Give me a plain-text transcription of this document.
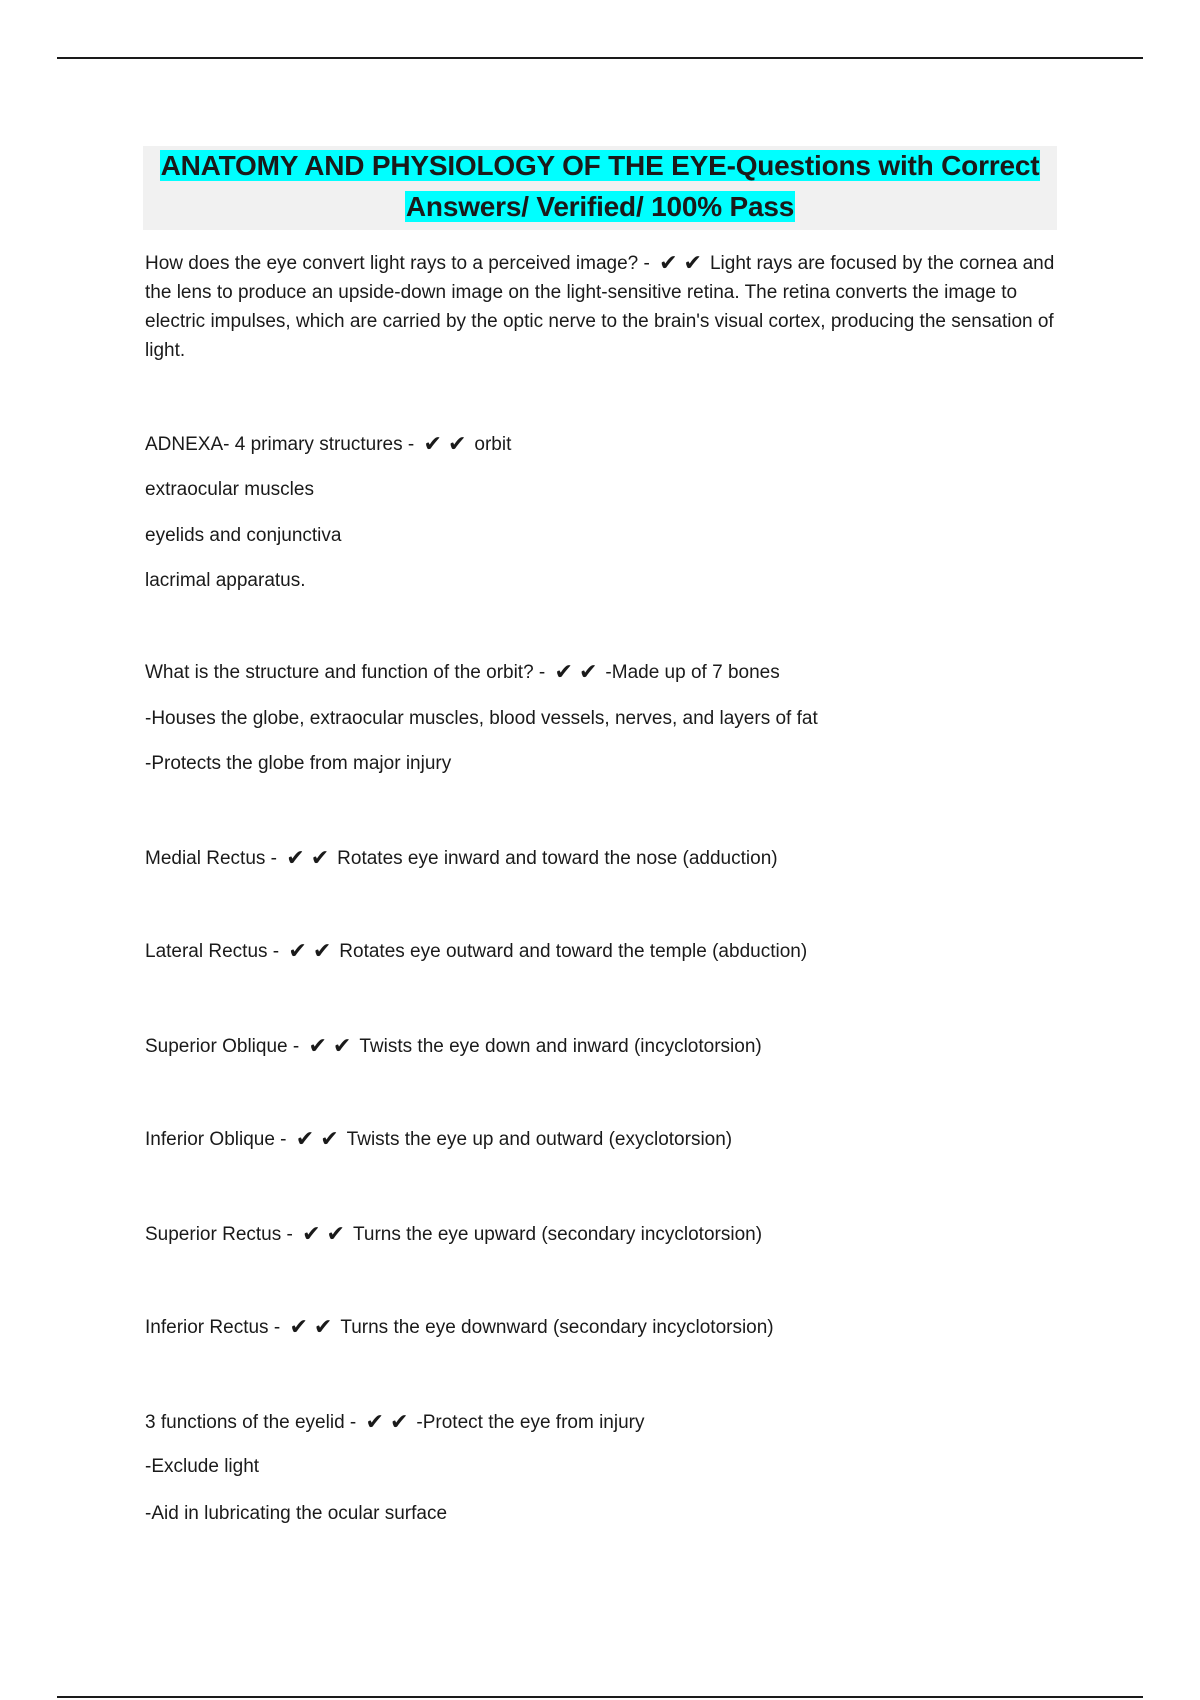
ANATOMY AND PHYSIOLOGY OF THE EYE-Questions with Correct
Answers/ Verified/ 100% Pass
How does the eye convert light rays to a perceived image? - ✔✔ Light rays are focused by the cornea and the lens to produce an upside-down image on the light-sensitive retina. The retina converts the image to electric impulses, which are carried by the optic nerve to the brain's visual cortex, producing the sensation of light.
ADNEXA- 4 primary structures - ✔✔ orbit
extraocular muscles
eyelids and conjunctiva
lacrimal apparatus.
What is the structure and function of the orbit? - ✔✔ -Made up of 7 bones
-Houses the globe, extraocular muscles, blood vessels, nerves, and layers of fat
-Protects the globe from major injury
Medial Rectus - ✔✔ Rotates eye inward and toward the nose (adduction)
Lateral Rectus - ✔✔ Rotates eye outward and toward the temple (abduction)
Superior Oblique - ✔✔ Twists the eye down and inward (incyclotorsion)
Inferior Oblique - ✔✔ Twists the eye up and outward (exyclotorsion)
Superior Rectus - ✔✔ Turns the eye upward (secondary incyclotorsion)
Inferior Rectus - ✔✔ Turns the eye downward (secondary incyclotorsion)
3 functions of the eyelid - ✔✔ -Protect the eye from injury
-Exclude light
-Aid in lubricating the ocular surface
